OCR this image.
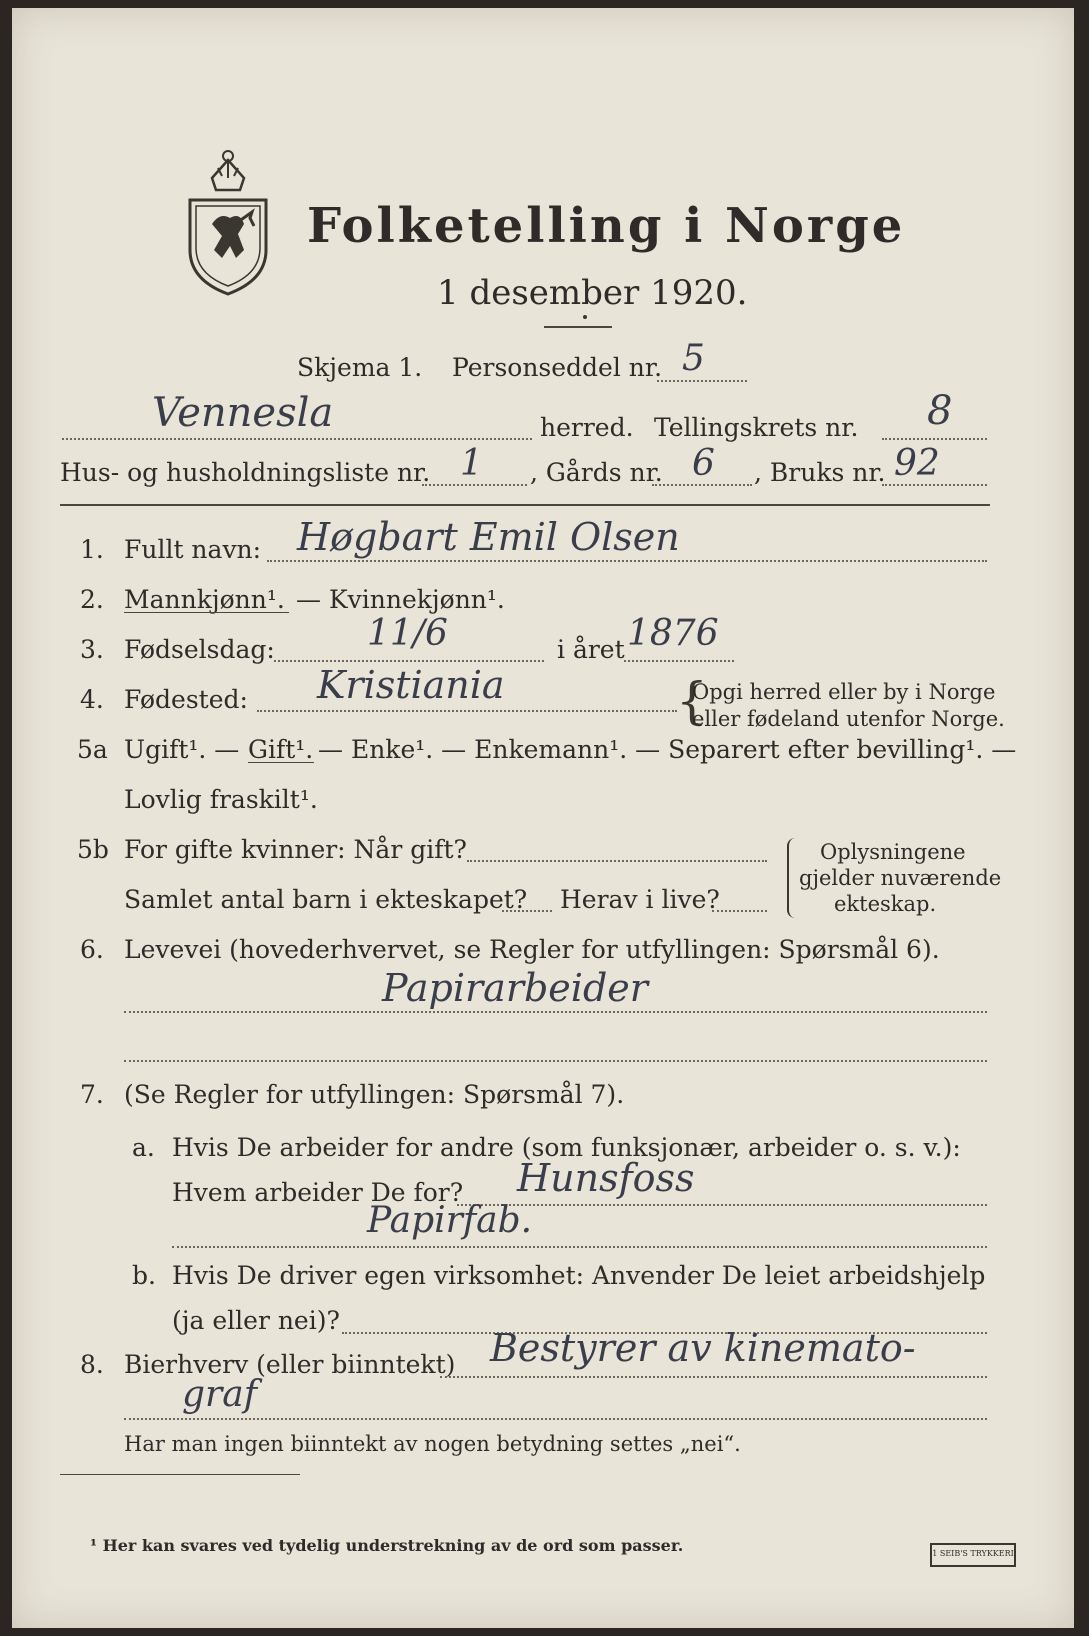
Folketelling i Norge
1 desember 1920.
Skjema 1. Personseddel nr. 5
Vennesla	herred. Tellingskrets nr. 8
Hus- og husholdningsliste nr. 1 , Gårds nr. 6 , Bruks nr. 92
1. Fullt navn: Høgbart Emil Olsen
2. Mannkjønn¹. — Kvinnekjønn¹.
3. Fødselsdag:	11/6	i året 1876
4. Fødested: Kristiania	{
Opgi herred eller by i Norge
eller fødeland utenfor Norge.
5a Ugift¹. — Gift¹. — Enke¹. — Enkemann¹. — Separert efter bevilling¹. —
Lovlig fraskilt¹.
5b For gifte kvinner: Når gift?
Samlet antal barn i ekteskapet? Herav i live?
Oplysningene
gjelder nuværende
ekteskap.
6. Levevei (hovederhvervet, se Regler for utfyllingen: Spørsmål 6).
Papirarbeider
7. (Se Regler for utfyllingen: Spørsmål 7).
a. Hvis De arbeider for andre (som funksjonær, arbeider o. s. v.):
Hvem arbeider De for? Hunsfoss
Papirfab.
b. Hvis De driver egen virksomhet: Anvender De leiet arbeidshjelp
(ja eller nei)?
8. Bierhverv (eller biinntekt) Bestyrer av kinemato-
graf
Har man ingen biinntekt av nogen betydning settes „nei“.
¹ Her kan svares ved tydelig understrekning av de ord som passer.	1 SEIB'S TRYKKERI
